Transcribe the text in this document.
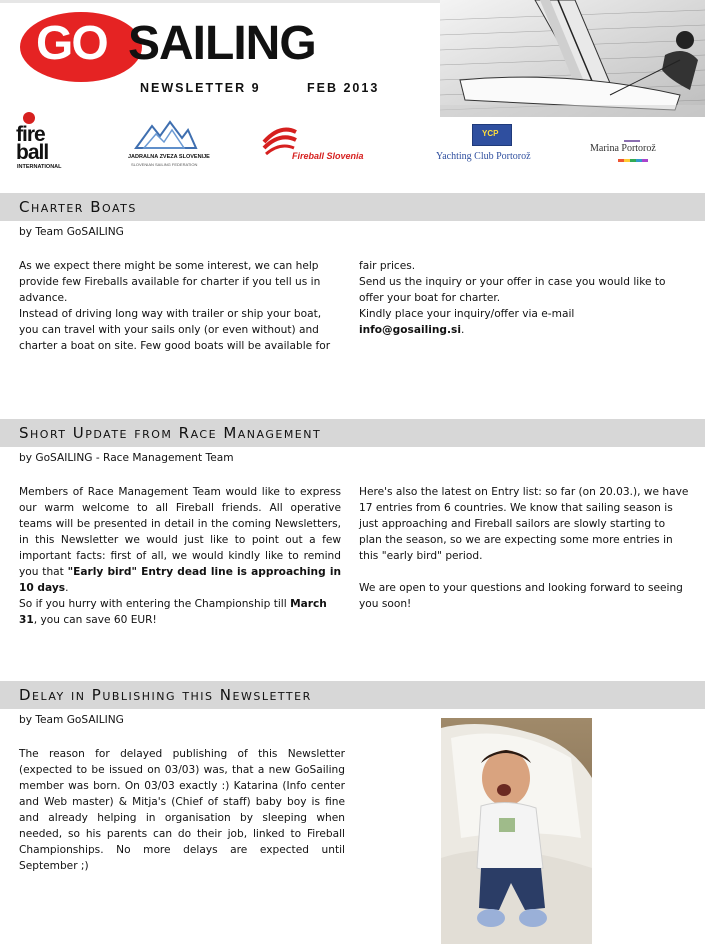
GO SAILING
NEWSLETTER 9	FEB 2013
fire
ball
INTERNATIONAL
JADRALNA ZVEZA SLOVENIJE
SLOVENIAN SAILING FEDERATION
Fireball Slovenia
YCP
Yachting Club Portorož
Marina Portorož
Charter Boats
by Team GoSAILING

As we expect there might be some interest, we can help provide few Fireballs available for charter if you tell us in advance.

Instead of driving long way with trailer or ship your boat, you can travel with your sails only (or even without) and charter a boat on site. Few good boats will be available for

fair prices.

Send us the inquiry or your offer in case you would like to offer your boat for charter.

Kindly place your inquiry/offer via e-mail

info@gosailing.si.

Short Update from Race Management
by GoSAILING - Race Management Team

Members of Race Management Team would like to express our warm welcome to all Fireball friends. All operative teams will be presented in detail in the coming Newsletters, in this Newsletter we would just like to point out a few important facts: first of all, we would kindly like to remind you that "Early bird" Entry dead line is approaching in 10 days.

So if you hurry with entering the Championship till March 31, you can save 60 EUR!

Here's also the latest on Entry list: so far (on 20.03.), we have 17 entries from 6 countries. We know that sailing season is just approaching and Fireball sailors are slowly starting to plan the season, so we are expecting some more entries in this "early bird" period.

We are open to your questions and looking forward to seeing you soon!

Delay in Publishing this Newsletter
by Team GoSAILING

The reason for delayed publishing of this Newsletter (expected to be issued on 03/03) was, that a new GoSailing member was born. On 03/03 exactly :) Katarina (Info center and Web master) & Mitja's (Chief of staff) baby boy is fine and already helping in organisation by sleeping when needed, so his parents can do their job, linked to Fireball Championships. No more delays are expected until September ;)
